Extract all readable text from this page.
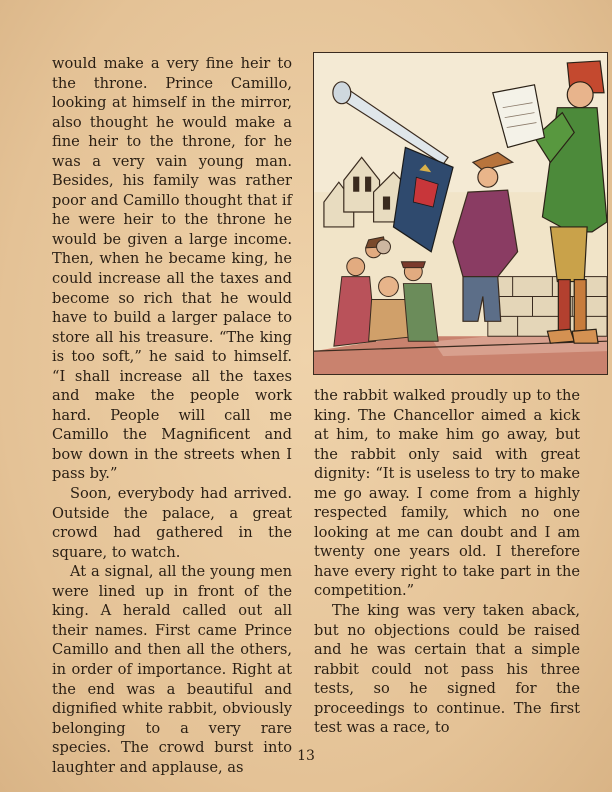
would make a very fine heir to the throne. Prince Camillo, looking at himself in the mirror, also thought he would make a fine heir to the throne, for he was a very vain young man. Besides, his family was rather poor and Camillo thought that if he were heir to the throne he would be given a large income. Then, when he became king, he could increase all the taxes and become so rich that he would have to build a larger palace to store all his treasure. “The king is too soft,” he said to himself. “I shall increase all the taxes and make the people work hard. People will call me Camillo the Magnificent and bow down in the streets when I pass by.”

Soon, everybody had arrived. Outside the palace, a great crowd had gathered in the square, to watch.

At a signal, all the young men were lined up in front of the king. A herald called out all their names. First came Prince Camillo and then all the others, in order of importance. Right at the end was a beautiful and dignified white rabbit, obviously belonging to a very rare species. The crowd burst into laughter and applause, as

the rabbit walked proudly up to the king. The Chancellor aimed a kick at him, to make him go away, but the rabbit only said with great dignity: “It is useless to try to make me go away. I come from a highly respected family, which no one looking at me can doubt and I am twenty one years old. I therefore have every right to take part in the competition.”

The king was very taken aback, but no objections could be raised and he was certain that a simple rabbit could not pass his three tests, so he signed for the proceedings to continue. The first test was a race, to

13
